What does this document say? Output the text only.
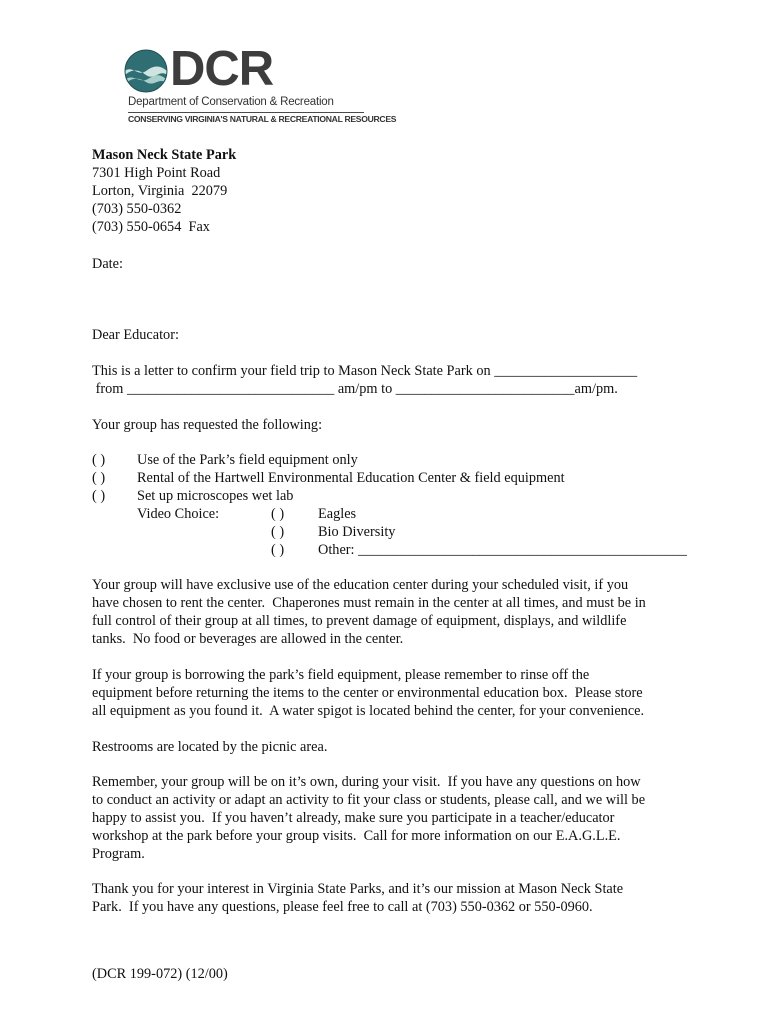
DCR
Department of Conservation & Recreation
CONSERVING VIRGINIA'S NATURAL & RECREATIONAL RESOURCES
Mason Neck State Park
7301 High Point Road
Lorton, Virginia  22079
(703) 550-0362
(703) 550-0654  Fax
Date:
Dear Educator:
This is a letter to confirm your field trip to Mason Neck State Park on ____________________
from _____________________________ am/pm to _________________________am/pm.
Your group has requested the following:
( ) Use of the Park’s field equipment only
( ) Rental of the Hartwell Environmental Education Center & field equipment
( ) Set up microscopes wet lab
Video Choice:	( ) Eagles
( ) Bio Diversity
( ) Other: ______________________________________________
Your group will have exclusive use of the education center during your scheduled visit, if you
have chosen to rent the center.  Chaperones must remain in the center at all times, and must be in
full control of their group at all times, to prevent damage of equipment, displays, and wildlife
tanks.  No food or beverages are allowed in the center.
If your group is borrowing the park’s field equipment, please remember to rinse off the
equipment before returning the items to the center or environmental education box.  Please store
all equipment as you found it.  A water spigot is located behind the center, for your convenience.
Restrooms are located by the picnic area.
Remember, your group will be on it’s own, during your visit.  If you have any questions on how
to conduct an activity or adapt an activity to fit your class or students, please call, and we will be
happy to assist you.  If you haven’t already, make sure you participate in a teacher/educator
workshop at the park before your group visits.  Call for more information on our E.A.G.L.E.
Program.
Thank you for your interest in Virginia State Parks, and it’s our mission at Mason Neck State
Park.  If you have any questions, please feel free to call at (703) 550-0362 or 550-0960.
(DCR 199-072) (12/00)
